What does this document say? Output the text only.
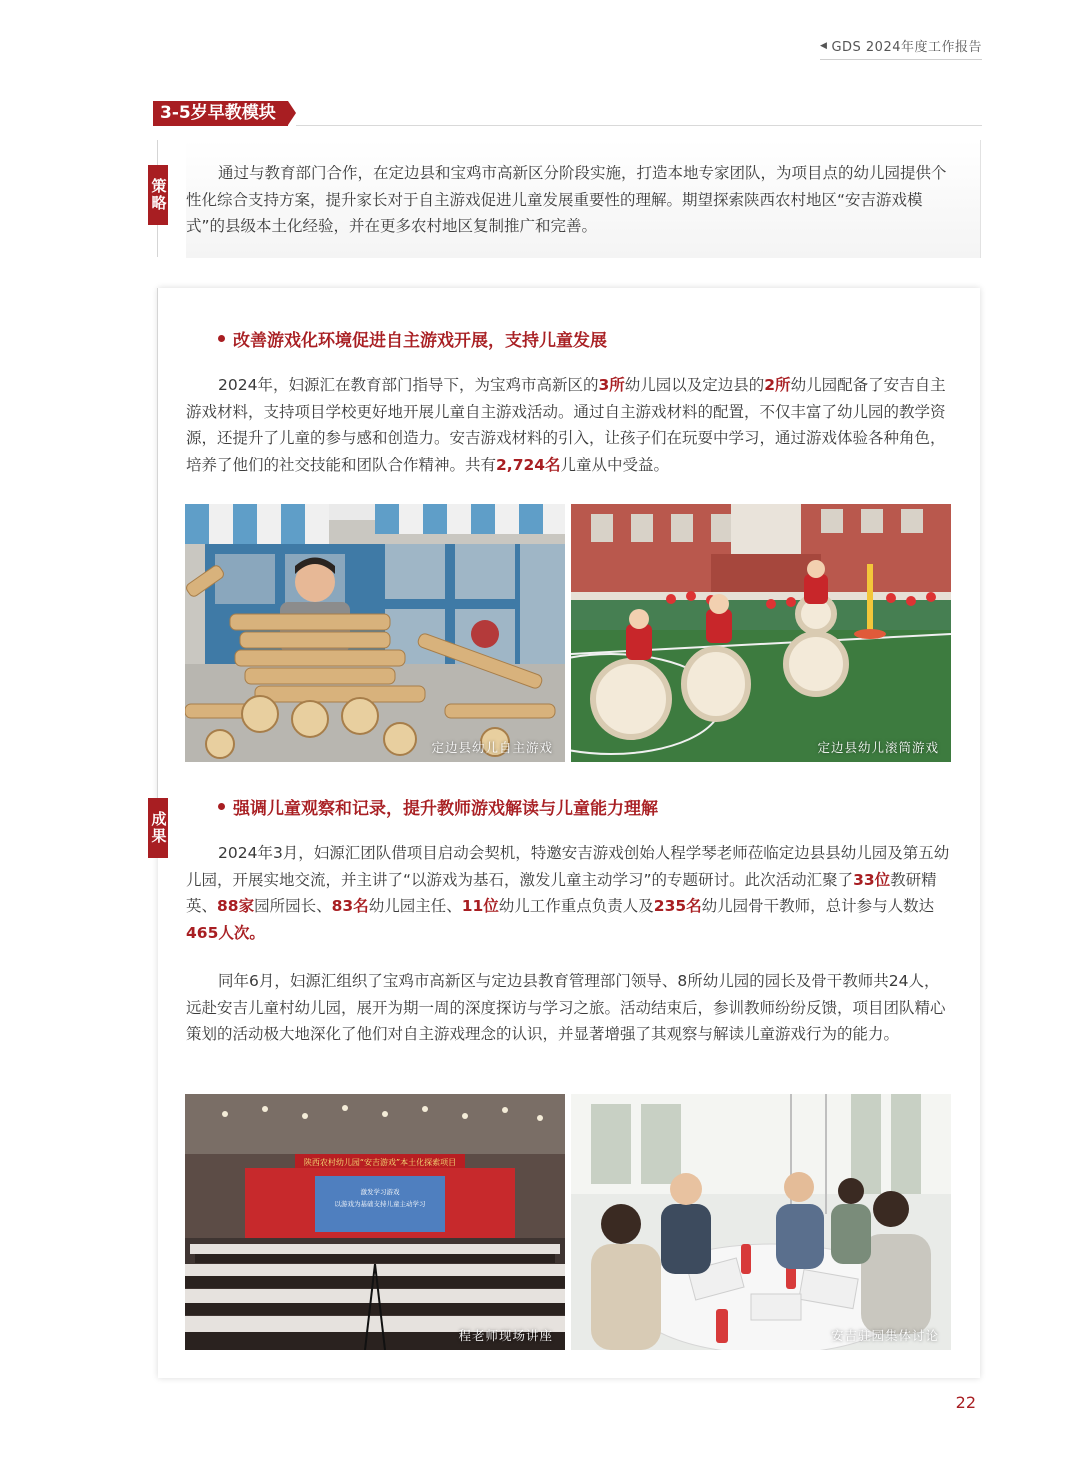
◀ GDS 2024年度工作报告
3-5岁早教模块
策略

通过与教育部门合作，在定边县和宝鸡市高新区分阶段实施，打造本地专家团队，为项目点的幼儿园提供个性化综合支持方案，提升家长对于自主游戏促进儿童发展重要性的理解。期望探索陕西农村地区“安吉游戏模式”的县级本土化经验，并在更多农村地区复制推广和完善。

成果
改善游戏化环境促进自主游戏开展，支持儿童发展

2024年，妇源汇在教育部门指导下，为宝鸡市高新区的3所幼儿园以及定边县的2所幼儿园配备了安吉自主游戏材料，支持项目学校更好地开展儿童自主游戏活动。通过自主游戏材料的配置，不仅丰富了幼儿园的教学资源，还提升了儿童的参与感和创造力。安吉游戏材料的引入，让孩子们在玩耍中学习，通过游戏体验各种角色，培养了他们的社交技能和团队合作精神。共有2,724名儿童从中受益。

定边县幼儿自主游戏	定边县幼儿滚筒游戏
强调儿童观察和记录，提升教师游戏解读与儿童能力理解

2024年3月，妇源汇团队借项目启动会契机，特邀安吉游戏创始人程学琴老师莅临定边县县幼儿园及第五幼儿园，开展实地交流，并主讲了“以游戏为基石，激发儿童主动学习”的专题研讨。此次活动汇聚了33位教研精英、88家园所园长、83名幼儿园主任、11位幼儿工作重点负责人及235名幼儿园骨干教师，总计参与人数达465人次。

同年6月，妇源汇组织了宝鸡市高新区与定边县教育管理部门领导、8所幼儿园的园长及骨干教师共24人，远赴安吉儿童村幼儿园，展开为期一周的深度探访与学习之旅。活动结束后，参训教师纷纷反馈，项目团队精心策划的活动极大地深化了他们对自主游戏理念的认识，并显著增强了其观察与解读儿童游戏行为的能力。

陕西农村幼儿园“安吉游戏”本土化探索项目
激发学习游戏
以游戏为基础支持儿童主动学习
程老师现场讲座	安吉驻园集体讨论
22
